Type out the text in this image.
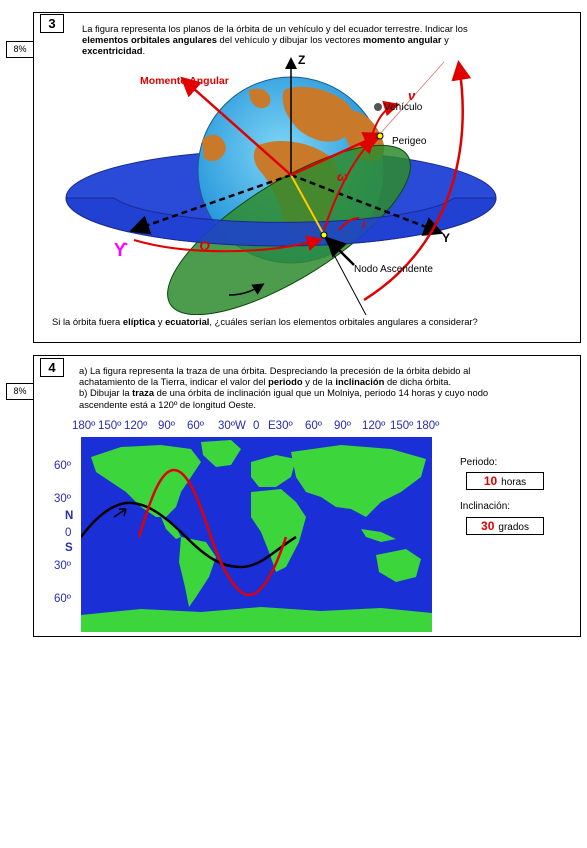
3
8%
La figura representa los planos de la órbita de un vehículo y del ecuador terrestre. Indicar los
elementos orbitales angulares del vehículo y dibujar los vectores momento angular y
excentricidad.
Momento Angular
Z
Vehículo
ν
Perigeo
ω
i
Ω
ϒ
Y
Nodo Ascendente
Si la órbita fuera elíptica y ecuatorial, ¿cuáles serían los elementos orbitales angulares a considerar?
4
8%
a) La figura representa la traza de una órbita. Despreciando la precesión de la órbita debido al
achatamiento de la Tierra, indicar el valor del periodo y de la inclinación de dicha órbita.
b) Dibujar la traza de una órbita de inclinación igual que un Molniya, periodo 14 horas y cuyo nodo
ascendente está a 120º de longitud Oeste.
180º 150º 120º 90º 60º 30ºW 0 E30º 60º 90º 120º 150º 180º
60º
30º
N
0
S
30º
60º
Periodo:
10 horas
Inclinación:
30 grados
